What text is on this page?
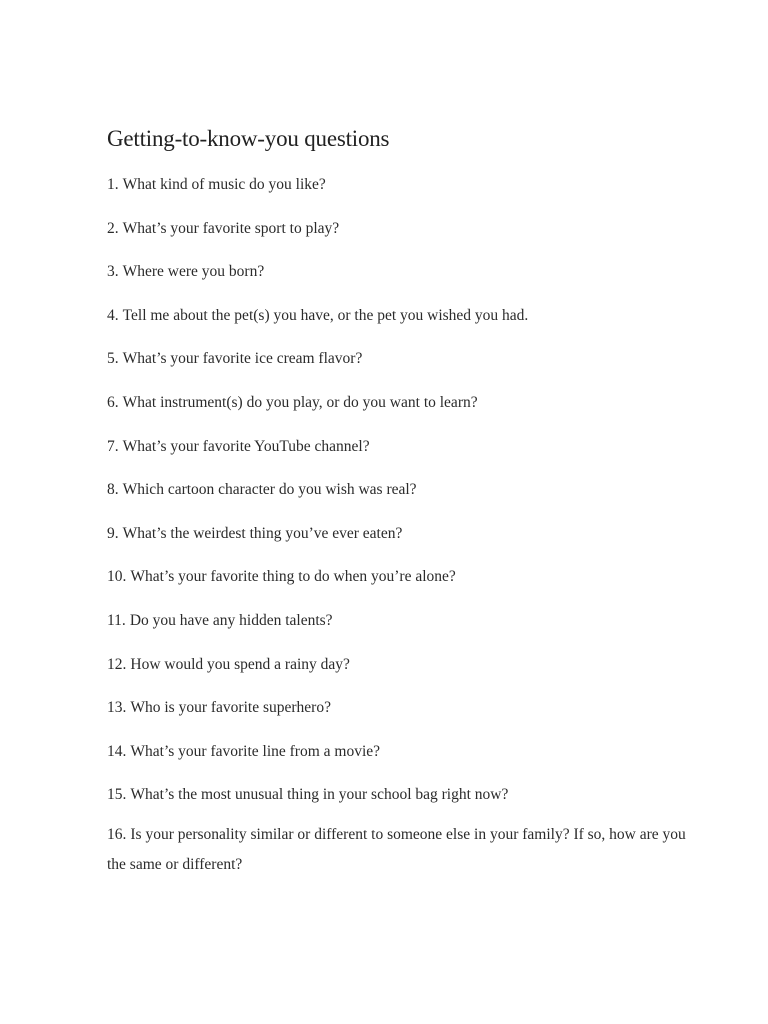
Getting-to-know-you questions
1. What kind of music do you like?
2. What’s your favorite sport to play?
3. Where were you born?
4. Tell me about the pet(s) you have, or the pet you wished you had.
5. What’s your favorite ice cream flavor?
6. What instrument(s) do you play, or do you want to learn?
7. What’s your favorite YouTube channel?
8. Which cartoon character do you wish was real?
9. What’s the weirdest thing you’ve ever eaten?
10. What’s your favorite thing to do when you’re alone?
11. Do you have any hidden talents?
12. How would you spend a rainy day?
13. Who is your favorite superhero?
14. What’s your favorite line from a movie?
15. What’s the most unusual thing in your school bag right now?
16. Is your personality similar or different to someone else in your family? If so, how are you the same or different?
